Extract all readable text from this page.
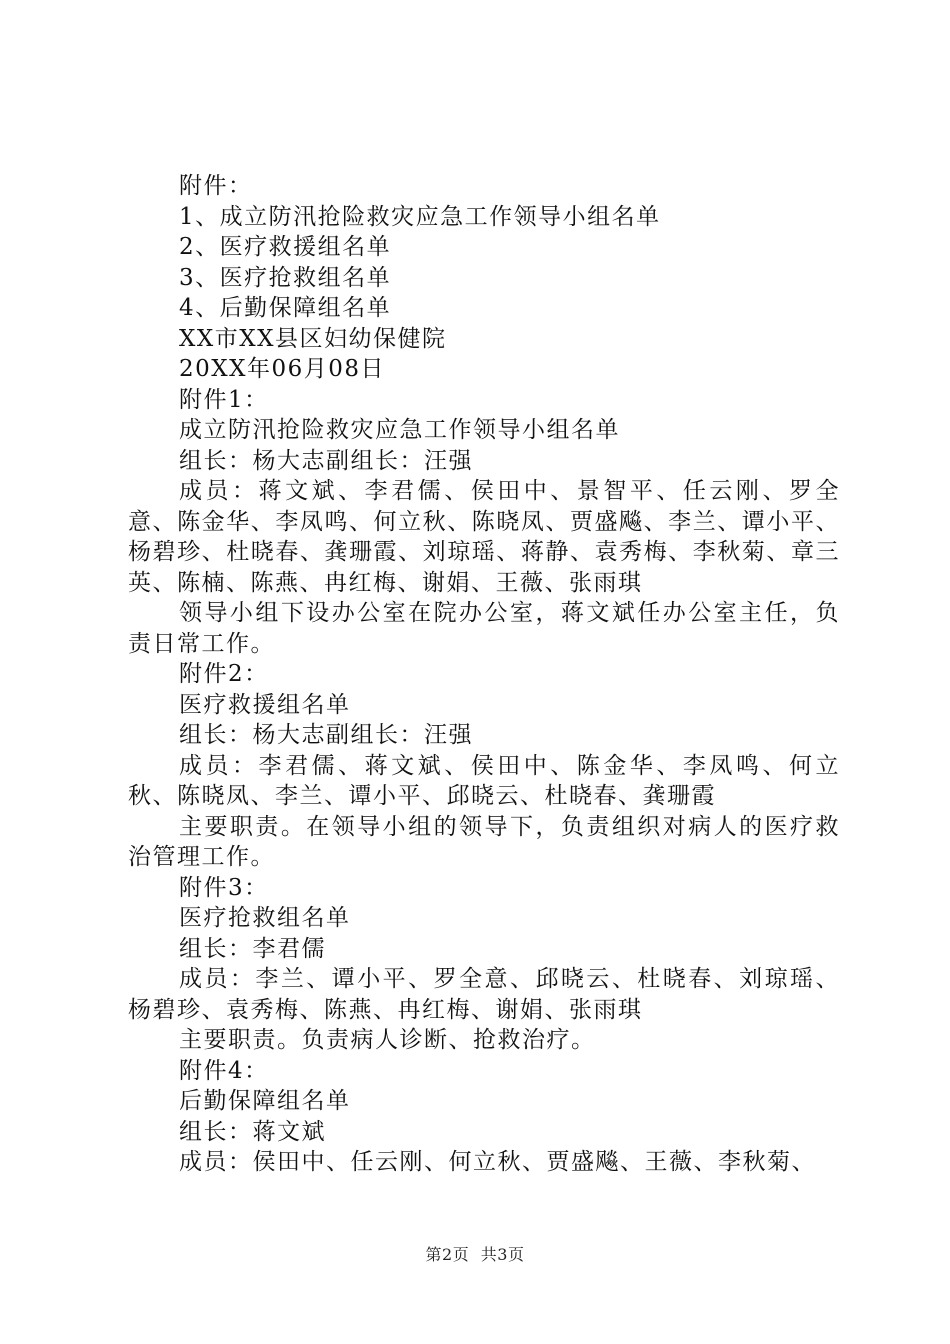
附件：

1、成立防汛抢险救灾应急工作领导小组名单

2、医疗救援组名单

3、医疗抢救组名单

4、后勤保障组名单

XX市XX县区妇幼保健院

20XX年06月08日

附件1：

成立防汛抢险救灾应急工作领导小组名单

组长：杨大志副组长：汪强

成员：蒋文斌、李君儒、侯田中、景智平、任云刚、罗全意、陈金华、李凤鸣、何立秋、陈晓凤、贾盛飚、李兰、谭小平、杨碧珍、杜晓春、龚珊霞、刘琼瑶、蒋静、袁秀梅、李秋菊、章三英、陈楠、陈燕、冉红梅、谢娟、王薇、张雨琪

领导小组下设办公室在院办公室，蒋文斌任办公室主任，负责日常工作。

附件2：

医疗救援组名单

组长：杨大志副组长：汪强

成员：李君儒、蒋文斌、侯田中、陈金华、李凤鸣、何立秋、陈晓凤、李兰、谭小平、邱晓云、杜晓春、龚珊霞

主要职责。在领导小组的领导下，负责组织对病人的医疗救治管理工作。

附件3：

医疗抢救组名单

组长：李君儒

成员：李兰、谭小平、罗全意、邱晓云、杜晓春、刘琼瑶、杨碧珍、袁秀梅、陈燕、冉红梅、谢娟、张雨琪

主要职责。负责病人诊断、抢救治疗。

附件4：

后勤保障组名单

组长：蒋文斌

成员：侯田中、任云刚、何立秋、贾盛飚、王薇、李秋菊、

第2页 共3页
